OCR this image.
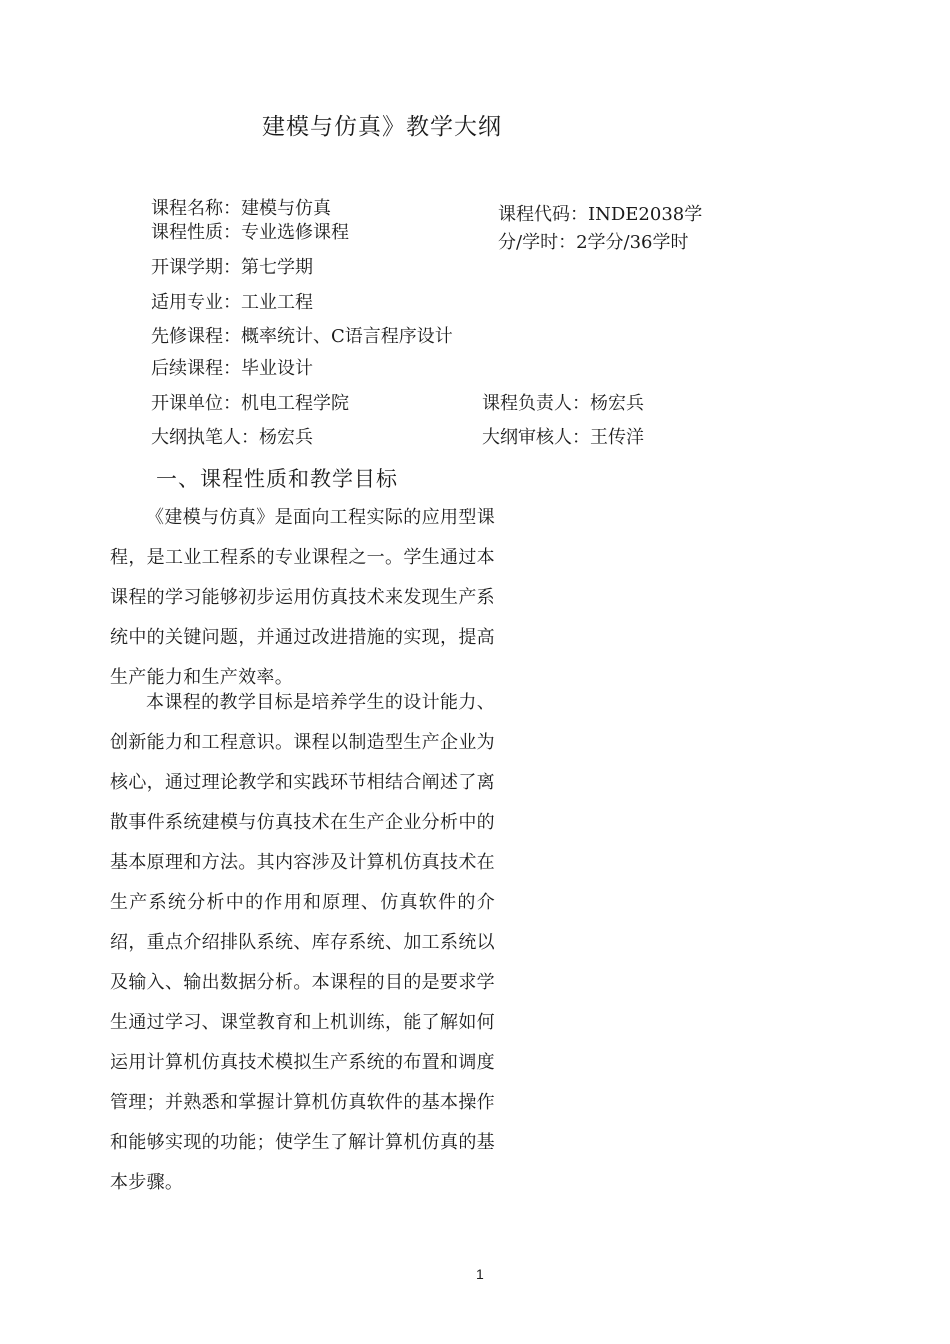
建模与仿真》教学大纲
课程名称：建模与仿真
课程性质：专业选修课程
课程代码：INDE2038学分/学时：2学分/36学时
开课学期：第七学期
适用专业：工业工程
先修课程：概率统计、C语言程序设计
后续课程：毕业设计
开课单位：机电工程学院	课程负责人：杨宏兵
大纲执笔人：杨宏兵	大纲审核人：王传洋
一、课程性质和教学目标

《建模与仿真》是面向工程实际的应用型课程，是工业工程系的专业课程之一。学生通过本课程的学习能够初步运用仿真技术来发现生产系统中的关键问题，并通过改进措施的实现，提高生产能力和生产效率。

本课程的教学目标是培养学生的设计能力、创新能力和工程意识。课程以制造型生产企业为核心，通过理论教学和实践环节相结合阐述了离散事件系统建模与仿真技术在生产企业分析中的基本原理和方法。其内容涉及计算机仿真技术在生产系统分析中的作用和原理、仿真软件的介绍，重点介绍排队系统、库存系统、加工系统以及输入、输出数据分析。本课程的目的是要求学生通过学习、课堂教育和上机训练，能了解如何运用计算机仿真技术模拟生产系统的布置和调度管理；并熟悉和掌握计算机仿真软件的基本操作和能够实现的功能；使学生了解计算机仿真的基本步骤。

1
